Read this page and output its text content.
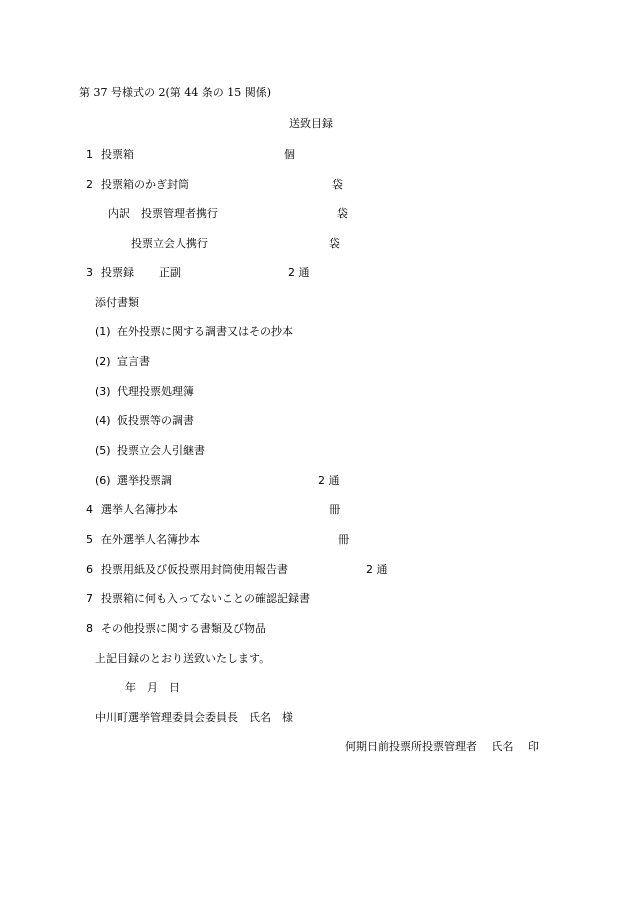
第 37 号様式の 2(第 44 条の 15 関係)
送致目録
1 投票箱	個
2 投票箱のかぎ封筒	袋
内訳 投票管理者携行	袋
投票立会人携行	袋
3 投票録 正副	2 通
添付書類
(1) 在外投票に関する調書又はその抄本
(2) 宣言書
(3) 代理投票処理簿
(4) 仮投票等の調書
(5) 投票立会人引継書
(6) 選挙投票調	2 通
4 選挙人名簿抄本	冊
5 在外選挙人名簿抄本	冊
6 投票用紙及び仮投票用封筒使用報告書	2 通
7 投票箱に何も入ってないことの確認記録書
8 その他投票に関する書類及び物品
上記目録のとおり送致いたします。
年　月　日
中川町選挙管理委員会委員長　氏名　様
何期日前投票所投票管理者　 氏名　 印
